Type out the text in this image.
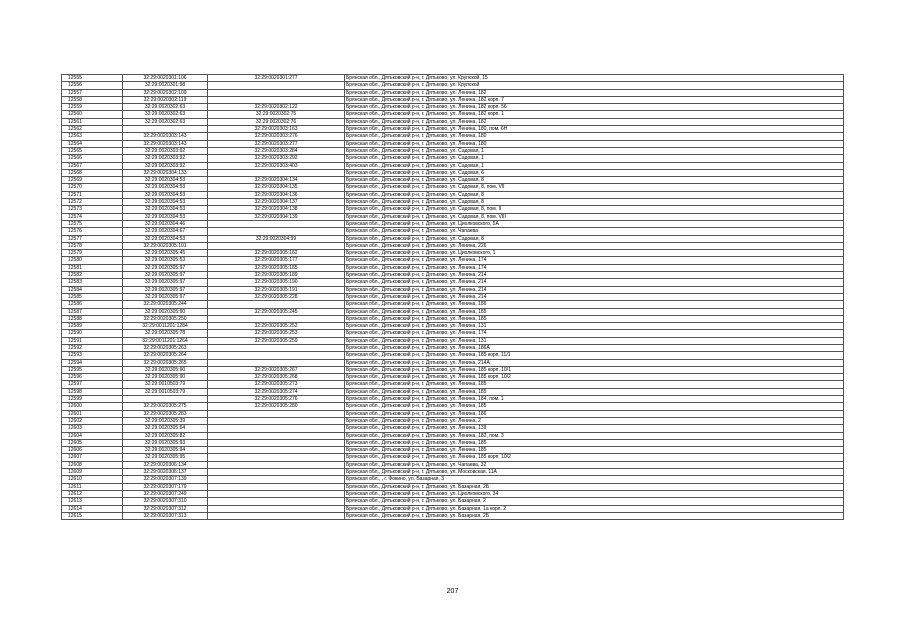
12555	32:29:0020301:106	32:29:0020301:277	Брянская обл., Дятьковский р-н, г. Дятьково, ул. Крупской, 15
12556	32:29:0020301:98		Брянская обл., Дятьковский р-н, г. Дятьково, ул. Крупской
12557	32:29:0020302:109		Брянская обл., Дятьковский р-н, г. Дятьково, ул. Ленина, 182
12558	32:29:0020302:119		Брянская обл., Дятьковский р-н, г. Дятьково, ул. Ленина, 182 корп. 7
12559	32:29:0020302:63	32:29:0020302:122	Брянская обл., Дятьковский р-н, г. Дятьково, ул. Ленина, 182 корп. 56
12560	32:29:0020302:63	32:29:0020302:75	Брянская обл., Дятьковский р-н, г. Дятьково, ул. Ленина, 182 корп. 1
12561	32:29:0020302:63	32:29:0020302:76	Брянская обл., Дятьковский р-н, г. Дятьково, ул. Ленина, 182
12562		32:29:0020303:163	Брянская обл., Дятьковский р-н, г. Дятьково, ул. Ленина, 180, пом. 6Н
12563	32:29:0020303:143	32:29:0020303:276	Брянская обл., Дятьковский р-н, г. Дятьково, ул. Ленина, 180
12564	32:29:0020303:143	32:29:0020303:277	Брянская обл., Дятьковский р-н, г. Дятьково, ул. Ленина, 180
12565	32:29:0020303:92	32:29:0020303:284	Брянская обл., Дятьковский р-н, г. Дятьково, ул. Садовая, 1
12566	32:29:0020303:92	32:29:0020303:292	Брянская обл., Дятьковский р-н, г. Дятьково, ул. Садовая, 1
12567	32:29:0020303:92	32:29:0020303:403	Брянская обл., Дятьковский р-н, г. Дятьково, ул. Садовая, 1
12568	32:29:0020304:133		Брянская обл., Дятьковский р-н, г. Дятьково, ул. Садовая, 6
12569	32:29:0020304:53	32:29:0020304:134	Брянская обл., Дятьковский р-н, г. Дятьково, ул. Садовая, 8
12570	32:29:0020304:53	32:29:0020304:135	Брянская обл., Дятьковский р-н, г. Дятьково, ул. Садовая, 8, пом. VII
12571	32:29:0020304:53	32:29:0020304:136	Брянская обл., Дятьковский р-н, г. Дятьково, ул. Садовая, 8
12572	32:29:0020304:53	32:29:0020304:137	Брянская обл., Дятьковский р-н, г. Дятьково, ул. Садовая, 8
12573	32:29:0020304:53	32:29:0020304:138	Брянская обл., Дятьковский р-н, г. Дятьково, ул. Садовая, 8, пом. II
12574	32:29:0020304:53	32:29:0020304:139	Брянская обл., Дятьковский р-н, г. Дятьково, ул. Садовая, 8, пом. VIII
12575	32:29:0020304:46		Брянская обл., Дятьковский р-н, г. Дятьково, ул. Циолковского, 5А
12576	32:29:0020304:67		Брянская обл., Дятьковский р-н, г. Дятьково, ул. Чапаева
12577	32:29:0020304:53	32:29:0020304:99	Брянская обл., Дятьковский р-н, г. Дятьково, ул. Садовая, 8
12578	32:29:0020305:101		Брянская обл., Дятьковский р-н, г. Дятьково, ул. Ленина, 226
12579	32:29:0020305:45	32:29:0020305:162	Брянская обл., Дятьковский р-н, г. Дятьково, ул. Циолковского, 1
12580	32:29:0020305:53	32:29:0020305:177	Брянская обл., Дятьковский р-н, г. Дятьково, ул. Ленина, 174
12581	32:29:0020305:97	32:29:0020305:185	Брянская обл., Дятьковский р-н, г. Дятьково, ул. Ленина, 174
12582	32:29:0020305:97	32:29:0020305:189	Брянская обл., Дятьковский р-н, г. Дятьково, ул. Ленина, 214
12583	32:29:0020305:97	32:29:0020305:190	Брянская обл., Дятьковский р-н, г. Дятьково, ул. Ленина, 214
12584	32:29:0020305:97	32:29:0020305:191	Брянская обл., Дятьковский р-н, г. Дятьково, ул. Ленина, 214
12585	32:29:0020305:97	32:29:0020305:228	Брянская обл., Дятьковский р-н, г. Дятьково, ул. Ленина, 214
12586	32:29:0020305:244		Брянская обл., Дятьковский р-н, г. Дятьково, ул. Ленина, 186
12587	32:29:0020305:90	32:29:0020305:245	Брянская обл., Дятьковский р-н, г. Дятьково, ул. Ленина, 185
12588	32:29:0020305:250		Брянская обл., Дятьковский р-н, г. Дятьково, ул. Ленина, 185
12589	32:29:0011201:1284	32:29:0020305:252	Брянская обл., Дятьковский р-н, г. Дятьково, ул. Ленина, 131
12590	32:29:0020305:78	32:29:0020305:253	Брянская обл., Дятьковский р-н, г. Дятьково, ул. Ленина, 174
12591	32:29:0011201:1264	32:29:0020305:259	Брянская обл., Дятьковский р-н, г. Дятьково, ул. Ленина, 131
12592	32:29:0020305:263		Брянская обл., Дятьковский р-н, г. Дятьково, ул. Ленина, 186А
12593	32:29:0020305:264		Брянская обл., Дятьковский р-н, г. Дятьково, ул. Ленина, 185 корп. 11/1
12594	32:29:0020305:265		Брянская обл., Дятьковский р-н, г. Дятьково, ул. Ленина, 214А
12595	32:29:0020305:90	32:29:0020305:267	Брянская обл., Дятьковский р-н, г. Дятьково, ул. Ленина, 185 корп. 10/1
12596	32:29:0020305:90	32:29:0020305:268	Брянская обл., Дятьковский р-н, г. Дятьково, ул. Ленина, 185 корп. 10/2
12597	32:29:0010503:79	32:29:0020305:273	Брянская обл., Дятьковский р-н, г. Дятьково, ул. Ленина, 185
12598	32:29:0010503:79	32:29:0020305:274	Брянская обл., Дятьковский р-н, г. Дятьково, ул. Ленина, 185
12599		32:29:0020305:276	Брянская обл., Дятьковский р-н, г. Дятьково, ул. Ленина, 184, пом. 1
12600	32:29:0020305:275	32:29:0020305:280	Брянская обл., Дятьковский р-н, г. Дятьково, ул. Ленина, 185
12601	32:29:0020305:283		Брянская обл., Дятьковский р-н, г. Дятьково, ул. Ленина, 186
12602	32:29:0020305:39		Брянская обл., Дятьковский р-н, г. Дятьково, ул. Ленина, 2
12603	32:29:0020305:64		Брянская обл., Дятьковский р-н, г. Дятьково, ул. Ленина, 139
12604	32:29:0020305:82		Брянская обл., Дятьковский р-н, г. Дятьково, ул. Ленина, 182, пом. 3
12605	32:29:0020305:93		Брянская обл., Дятьковский р-н, г. Дятьково, ул. Ленина, 185
12606	32:29:0020305:94		Брянская обл., Дятьковский р-н, г. Дятьково, ул. Ленина, 185
12607	32:29:0020305:95		Брянская обл., Дятьковский р-н, г. Дятьково, ул. Ленина, 185 корп. 10/2
12608	32:29:0020306:134		Брянская обл., Дятьковский р-н, г. Дятьково, ул. Чапаева, 32
12609	32:29:0020306:137		Брянская обл., Дятьковский р-н, г. Дятьково, ул. Московская, 11А
12610	32:29:0020307:139		Брянская обл., , г. Фокино, ул. Базарная, 3
12611	32:29:0020307:179		Брянская обл., Дятьковский р-н, г. Дятьково, ул. Базарная, 2Б
12612	32:29:0020307:249		Брянская обл., Дятьковский р-н, г. Дятьково, ул. Циолковского, 34
12613	32:29:0020307:310		Брянская обл., Дятьковский р-н, г. Дятьково, ул. Базарная, 2
12614	32:29:0020307:312		Брянская обл., Дятьковский р-н, г. Дятьково, ул. Базарная, 1а корп. 2
12615	32:29:0020307:313		Брянская обл., Дятьковский р-н, г. Дятьково, ул. Базарная, 2Б
207
